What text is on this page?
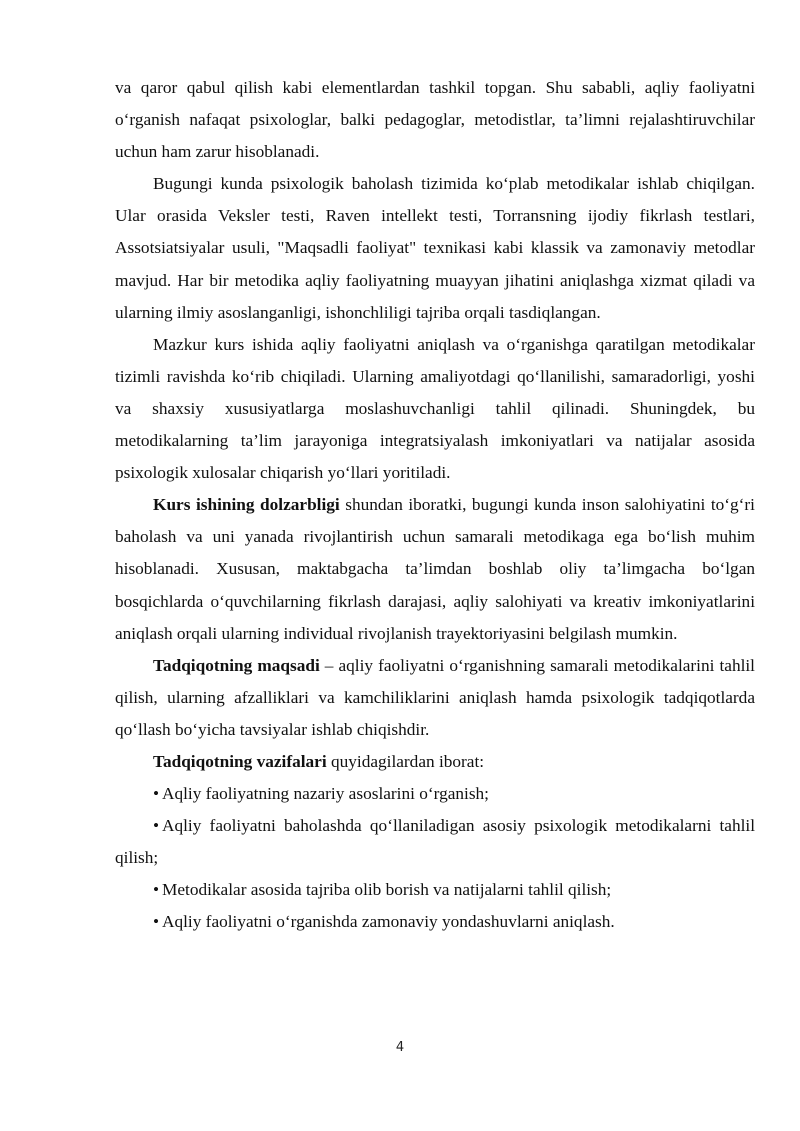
va qaror qabul qilish kabi elementlardan tashkil topgan. Shu sababli, aqliy faoliyatni o‘rganish nafaqat psixologlar, balki pedagoglar, metodistlar, ta’limni rejalashtiruvchilar uchun ham zarur hisoblanadi.

Bugungi kunda psixologik baholash tizimida ko‘plab metodikalar ishlab chiqilgan. Ular orasida Veksler testi, Raven intellekt testi, Torransning ijodiy fikrlash testlari, Assotsiatsiyalar usuli, "Maqsadli faoliyat" texnikasi kabi klassik va zamonaviy metodlar mavjud. Har bir metodika aqliy faoliyatning muayyan jihatini aniqlashga xizmat qiladi va ularning ilmiy asoslanganligi, ishonchliligi tajriba orqali tasdiqlangan.

Mazkur kurs ishida aqliy faoliyatni aniqlash va o‘rganishga qaratilgan metodikalar tizimli ravishda ko‘rib chiqiladi. Ularning amaliyotdagi qo‘llanilishi, samaradorligi, yoshi va shaxsiy xususiyatlarga moslashuvchanligi tahlil qilinadi. Shuningdek, bu metodikalarning ta’lim jarayoniga integratsiyalash imkoniyatlari va natijalar asosida psixologik xulosalar chiqarish yo‘llari yoritiladi.

Kurs ishining dolzarbligi shundan iboratki, bugungi kunda inson salohiyatini to‘g‘ri baholash va uni yanada rivojlantirish uchun samarali metodikaga ega bo‘lish muhim hisoblanadi. Xususan, maktabgacha ta’limdan boshlab oliy ta’limgacha bo‘lgan bosqichlarda o‘quvchilarning fikrlash darajasi, aqliy salohiyati va kreativ imkoniyatlarini aniqlash orqali ularning individual rivojlanish trayektoriyasini belgilash mumkin.

Tadqiqotning maqsadi – aqliy faoliyatni o‘rganishning samarali metodikalarini tahlil qilish, ularning afzalliklari va kamchiliklarini aniqlash hamda psixologik tadqiqotlarda qo‘llash bo‘yicha tavsiyalar ishlab chiqishdir.

Tadqiqotning vazifalari quyidagilardan iborat:

• Aqliy faoliyatning nazariy asoslarini o‘rganish;

• Aqliy faoliyatni baholashda qo‘llaniladigan asosiy psixologik metodikalarni tahlil qilish;

• Metodikalar asosida tajriba olib borish va natijalarni tahlil qilish;

• Aqliy faoliyatni o‘rganishda zamonaviy yondashuvlarni aniqlash.

4
